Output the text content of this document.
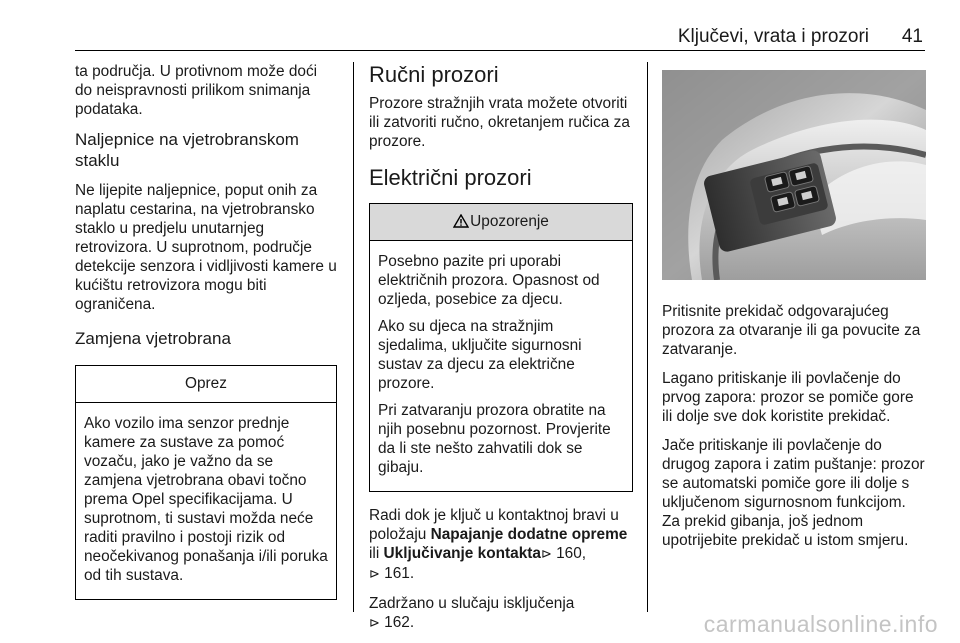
Ključevi, vrata i prozori 41

ta područja. U protivnom može doći do neispravnosti prilikom snimanja podataka.

Naljepnice na vjetrobranskom staklu

Ne lijepite naljepnice, poput onih za naplatu cestarina, na vjetrobransko staklo u predjelu unutarnjeg retrovizora. U suprotnom, područje detekcije senzora i vidljivosti kamere u kućištu retrovizora mogu biti ograničena.

Zamjena vjetrobrana
Oprez

Ako vozilo ima senzor prednje kamere za sustave za pomoć vozaču, jako je važno da se zamjena vjetrobrana obavi točno prema Opel specifikacijama. U suprotnom, ti sustavi možda neće raditi pravilno i postoji rizik od neočekivanog ponašanja i/ili poruka od tih sustava.

Ručni prozori

Prozore stražnjih vrata možete otvoriti ili zatvoriti ručno, okretanjem ručica za prozore.

Električni prozori
Upozorenje

Posebno pazite pri uporabi električnih prozora. Opasnost od ozljeda, posebice za djecu.

Ako su djeca na stražnjim sjedalima, uključite sigurnosni sustav za djecu za električne prozore.

Pri zatvaranju prozora obratite na njih posebnu pozornost. Provjerite da li ste nešto zahvatili dok se gibaju.

Radi dok je ključ u kontaktnoj bravi u položaju Napajanje dodatne opreme ili Uključivanje kontakta⊳ 160,
⊳ 161.

Zadržano u slučaju isključenja
⊳ 162.

Pritisnite prekidač odgovarajućeg prozora za otvaranje ili ga povucite za zatvaranje.

Lagano pritiskanje ili povlačenje do prvog zapora: prozor se pomiče gore ili dolje sve dok koristite prekidač.

Jače pritiskanje ili povlačenje do drugog zapora i zatim puštanje: prozor se automatski pomiče gore ili dolje s uključenom sigurnosnom funkcijom. Za prekid gibanja, još jednom upotrijebite prekidač u istom smjeru.

carmanualsonline.info
